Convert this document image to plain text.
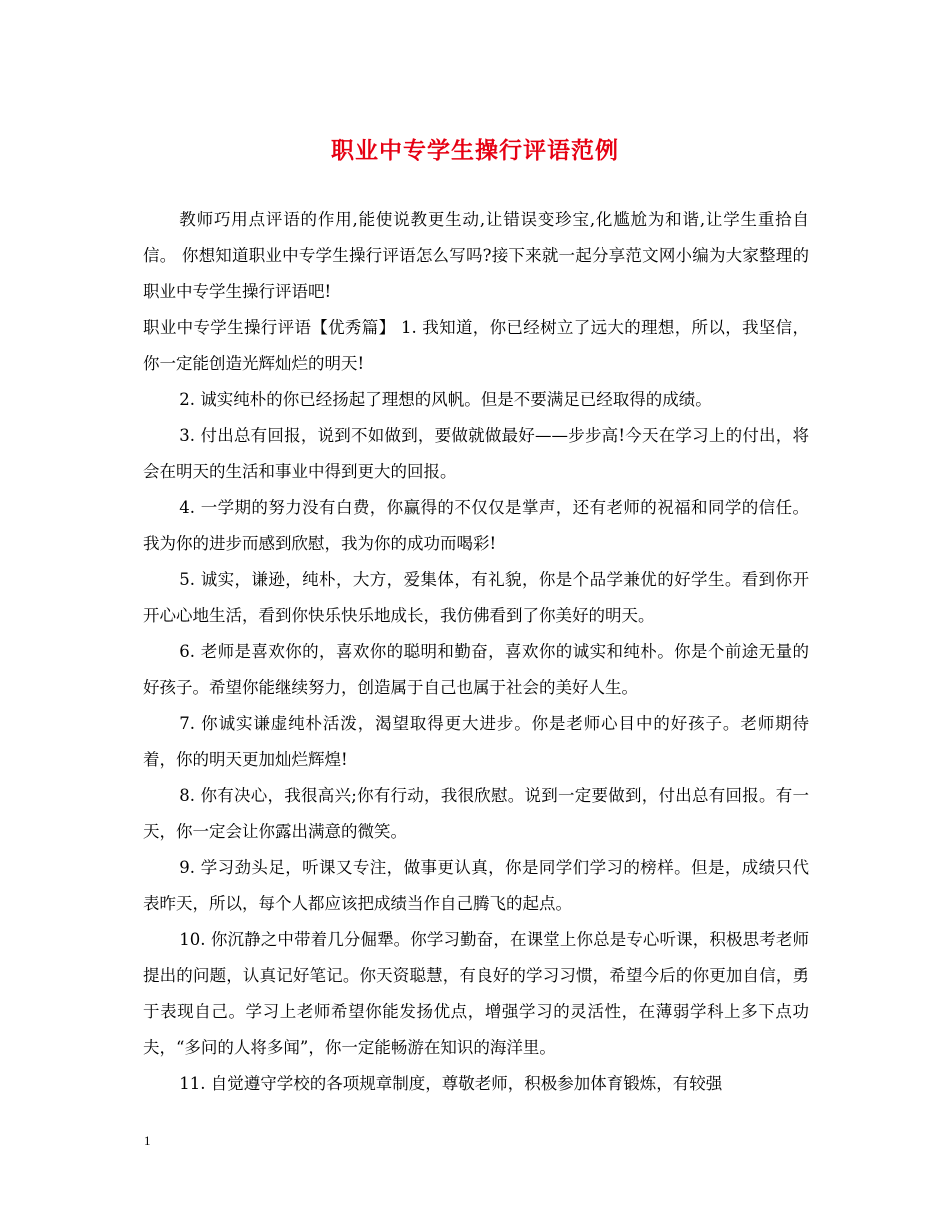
职业中专学生操行评语范例

教师巧用点评语的作用,能使说教更生动,让错误变珍宝,化尴尬为和谐,让学生重拾自信。 你想知道职业中专学生操行评语怎么写吗?接下来就一起分享范文网小编为大家整理的职业中专学生操行评语吧!

职业中专学生操行评语【优秀篇】 1. 我知道，你已经树立了远大的理想，所以，我坚信，你一定能创造光辉灿烂的明天!

2. 诚实纯朴的你已经扬起了理想的风帆。但是不要满足已经取得的成绩。

3. 付出总有回报，说到不如做到，要做就做最好——步步高!今天在学习上的付出，将会在明天的生活和事业中得到更大的回报。

4. 一学期的努力没有白费，你赢得的不仅仅是掌声，还有老师的祝福和同学的信任。我为你的进步而感到欣慰，我为你的成功而喝彩!

5. 诚实，谦逊，纯朴，大方，爱集体，有礼貌，你是个品学兼优的好学生。看到你开开心心地生活，看到你快乐快乐地成长，我仿佛看到了你美好的明天。

6. 老师是喜欢你的，喜欢你的聪明和勤奋，喜欢你的诚实和纯朴。你是个前途无量的好孩子。希望你能继续努力，创造属于自己也属于社会的美好人生。

7. 你诚实谦虚纯朴活泼，渴望取得更大进步。你是老师心目中的好孩子。老师期待着，你的明天更加灿烂辉煌!

8. 你有决心，我很高兴;你有行动，我很欣慰。说到一定要做到，付出总有回报。有一天，你一定会让你露出满意的微笑。

9. 学习劲头足，听课又专注，做事更认真，你是同学们学习的榜样。但是，成绩只代表昨天，所以，每个人都应该把成绩当作自己腾飞的起点。

10. 你沉静之中带着几分倔犟。你学习勤奋，在课堂上你总是专心听课，积极思考老师提出的问题，认真记好笔记。你天资聪慧，有良好的学习习惯，希望今后的你更加自信，勇于表现自己。学习上老师希望你能发扬优点，增强学习的灵活性，在薄弱学科上多下点功夫，“多问的人将多闻”，你一定能畅游在知识的海洋里。

11. 自觉遵守学校的各项规章制度，尊敬老师，积极参加体育锻炼，有较强

1
